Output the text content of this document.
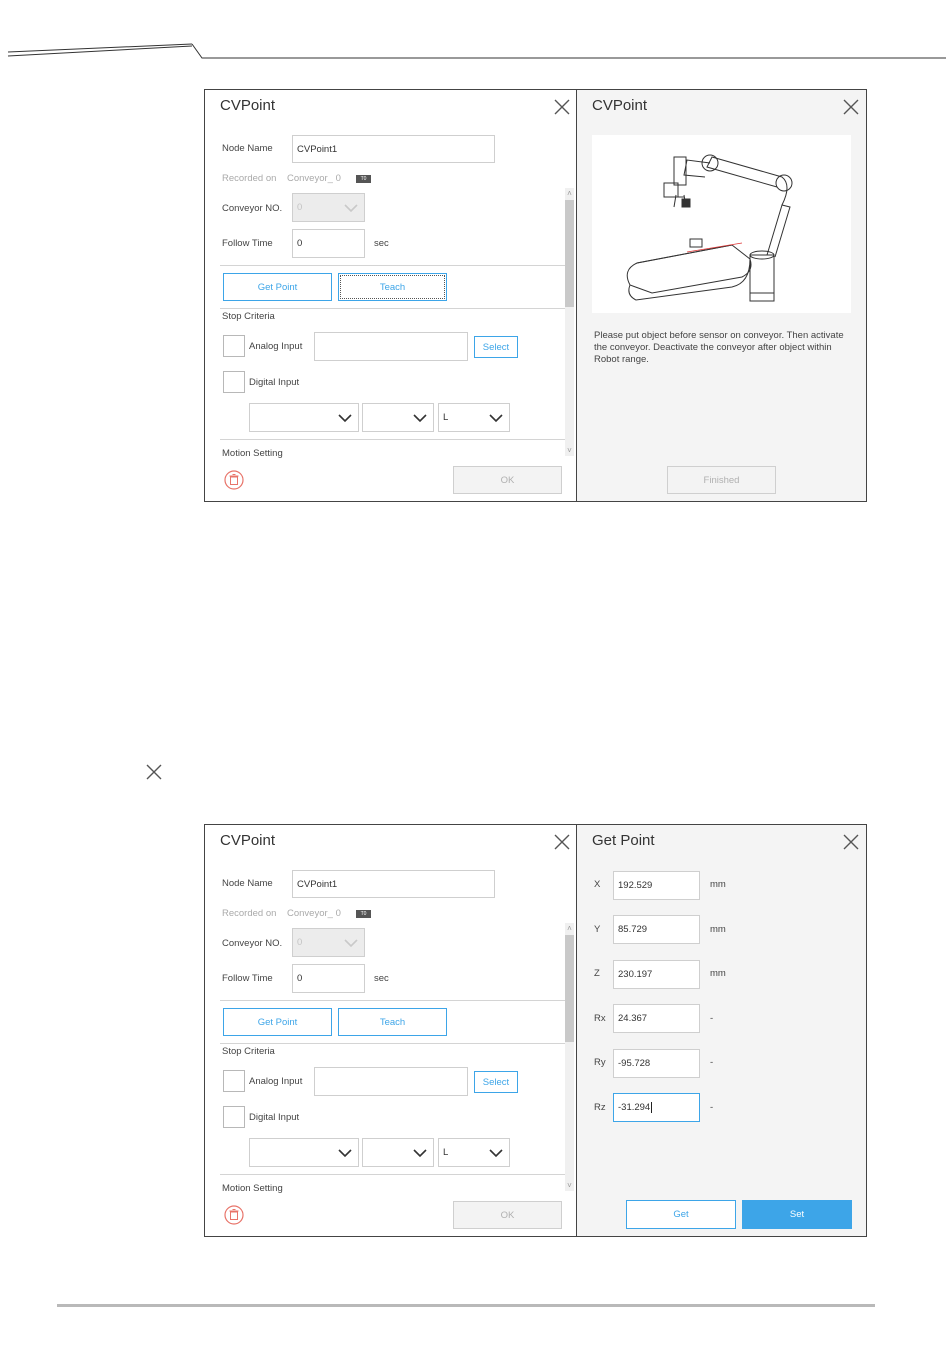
CVPoint
Node Name	CVPoint1
Recorded on Conveyor_ 0	T0
Conveyor NO. 0
Follow Time	0	sec
Get Point	Teach
Stop Criteria
Analog Input	Select
Digital Input
L
Motion Setting
˄
˅
OK
CVPoint
Please put object before sensor on conveyor. Then activate the conveyor. Deactivate the conveyor after object within Robot range.
Finished
CVPoint
Node Name	CVPoint1
Recorded on Conveyor_ 0	T0
Conveyor NO. 0
Follow Time	0	sec
Get Point	Teach
Stop Criteria
Analog Input	Select
Digital Input
L
Motion Setting
˄
˅
OK
Get Point
X	192.529	mm
Y	85.729	mm
Z	230.197	mm
Rx	24.367	-
Ry	-95.728	-
Rz -31.294	-
Get	Set
